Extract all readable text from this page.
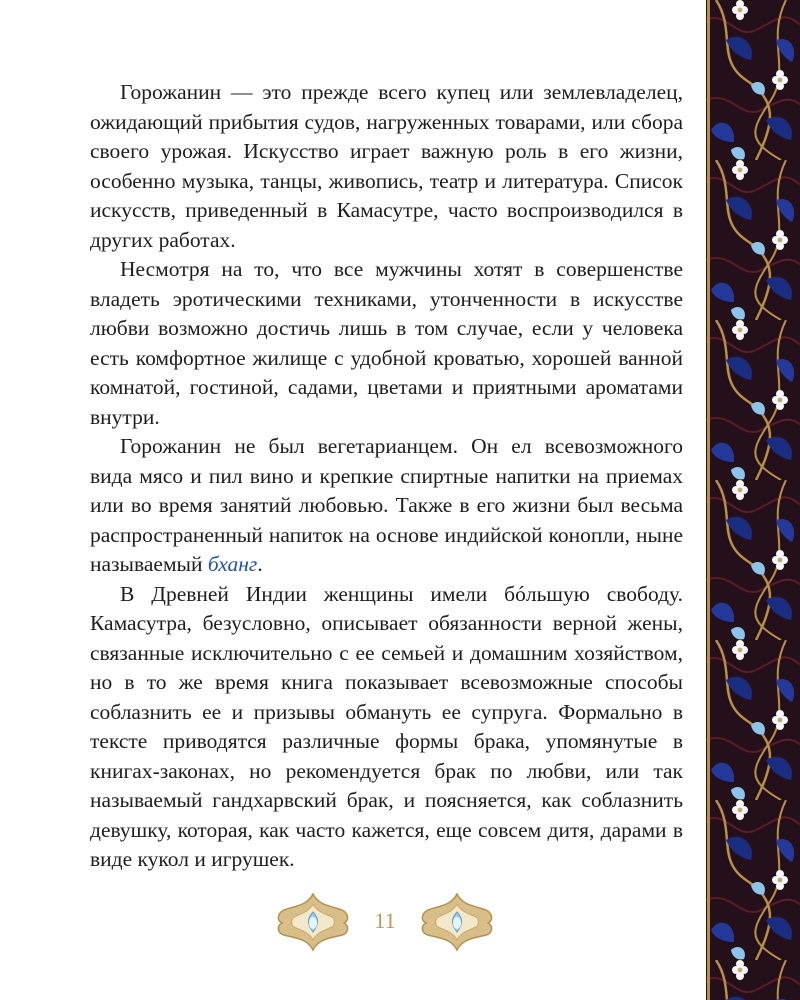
Горожанин — это прежде всего купец или землевладелец, ожидающий прибытия судов, нагруженных товарами, или сбора своего урожая. Искусство играет важную роль в его жизни, особенно музыка, танцы, живопись, театр и литература. Список искусств, приведенный в Камасутре, часто воспроизводился в других работах.

Несмотря на то, что все мужчины хотят в совершенстве владеть эротическими техниками, утонченности в искусстве любви возможно достичь лишь в том случае, если у человека есть комфортное жилище с удобной кроватью, хорошей ванной комнатой, гостиной, садами, цветами и приятными ароматами внутри.

Горожанин не был вегетарианцем. Он ел всевозможного вида мясо и пил вино и крепкие спиртные напитки на приемах или во время занятий любовью. Также в его жизни был весьма распространенный напиток на основе индийской конопли, ныне называемый бханг.

В Древней Индии женщины имели бóльшую свободу. Камасутра, безусловно, описывает обязанности верной жены, связанные исключительно с ее семьей и домашним хозяйством, но в то же время книга показывает всевозможные способы соблазнить ее и призывы обмануть ее супруга. Формально в тексте приводятся различные формы брака, упомянутые в книгах-законах, но рекомендуется брак по любви, или так называемый гандхарвский брак, и поясняется, как соблазнить девушку, которая, как часто кажется, еще совсем дитя, дарами в виде кукол и игрушек.

11
